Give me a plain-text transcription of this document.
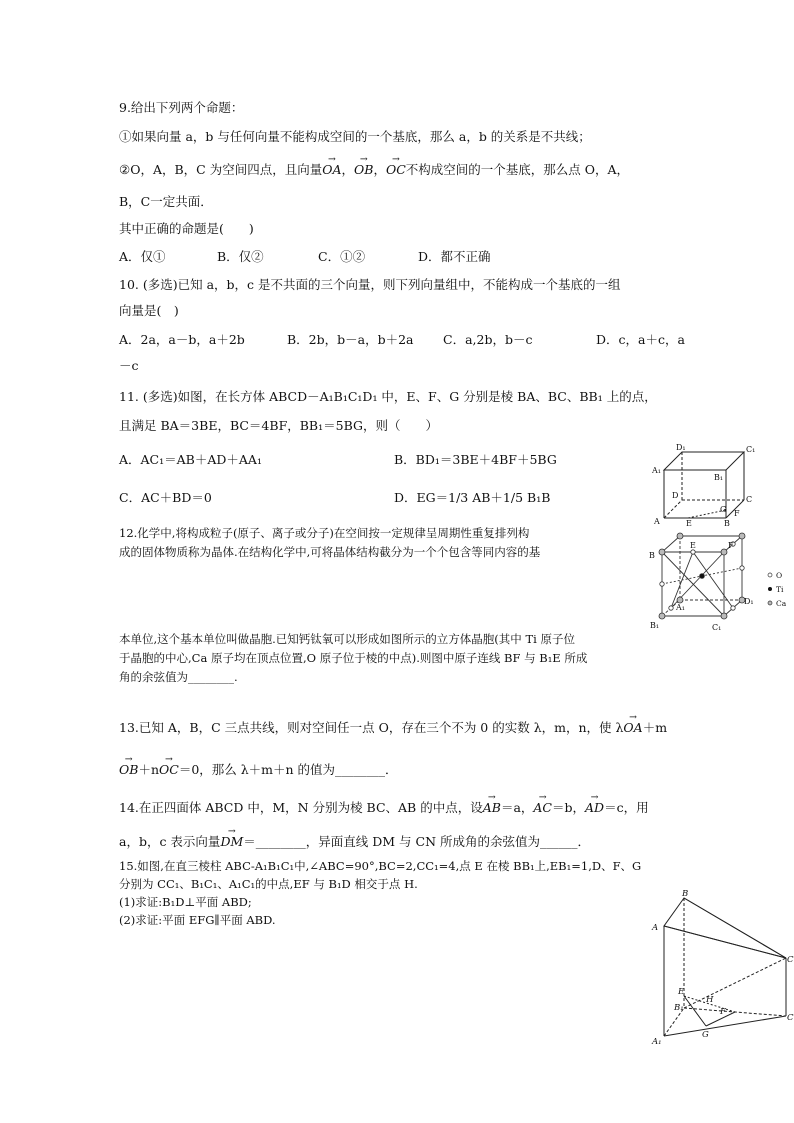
9.给出下列两个命题：
①如果向量 a，b 与任何向量不能构成空间的一个基底，那么 a，b 的关系是不共线；
②O，A，B，C 为空间四点，且向量→ OA，→ OB，→ OC不构成空间的一个基底，那么点 O，A，
B，C一定共面．
其中正确的命题是(　　)
A．仅①	B．仅②	C．①②	D．都不正确
10. (多选)已知 a，b，c 是不共面的三个向量，则下列向量组中，不能构成一个基底的一组
向量是(　)
A．2a，a－b，a＋2b	B．2b，b－a，b＋2a C．a,2b，b－c	D．c，a＋c，a
－c
11. (多选)如图，在长方体 ABCD－A₁B₁C₁D₁ 中，E、F、G 分别是棱 BA、BC、BB₁ 上的点，
且满足 BA＝3BE，BC＝4BF，BB₁＝5BG，则（　　）
A．AC₁＝AB＋AD＋AA₁	B．BD₁＝3BE＋4BF＋5BG
C．AC＋BD＝0	D．EG＝1/3 AB＋1/5 B₁B
D₁	C₁
A₁
B₁
D	C
A	E	B
G F
12.化学中,将构成粒子(原子、离子或分子)在空间按一定规律呈周期性重复排列构
成的固体物质称为晶体.在结构化学中,可将晶体结构截分为一个个包含等同内容的基
本单位,这个基本单位叫做晶胞.已知钙钛氧可以形成如图所示的立方体晶胞(其中 Ti 原子位
于晶胞的中心,Ca 原子均在顶点位置,O 原子位于棱的中点).则图中原子连线 BF 与 B₁E 所成
角的余弦值为________.
B
E	F
B₁
D₁
A₁
C₁
O
Ti
Ca
13.已知 A，B，C 三点共线，则对空间任一点 O，存在三个不为 0 的实数 λ，m，n，使 λ→ OA＋m
→ OB＋n→ OC＝0，那么 λ＋m＋n 的值为________．
14.在正四面体 ABCD 中，M，N 分别为棱 BC、AB 的中点，设→ AB＝a，→ AC＝b，→ AD＝c，用
a，b，c 表示向量→ DM＝________，异面直线 DM 与 CN 所成角的余弦值为______．
15.如图,在直三棱柱 ABC-A₁B₁C₁中,∠ABC=90°,BC=2,CC₁=4,点 E 在棱 BB₁上,EB₁=1,D、F、G
分别为 CC₁、B₁C₁、A₁C₁的中点,EF 与 B₁D 相交于点 H.
(1)求证:B₁D⊥平面 ABD;
(2)求证:平面 EFG∥平面 ABD.
B
A
C
E
H
B₁	F
A₁
G
C
